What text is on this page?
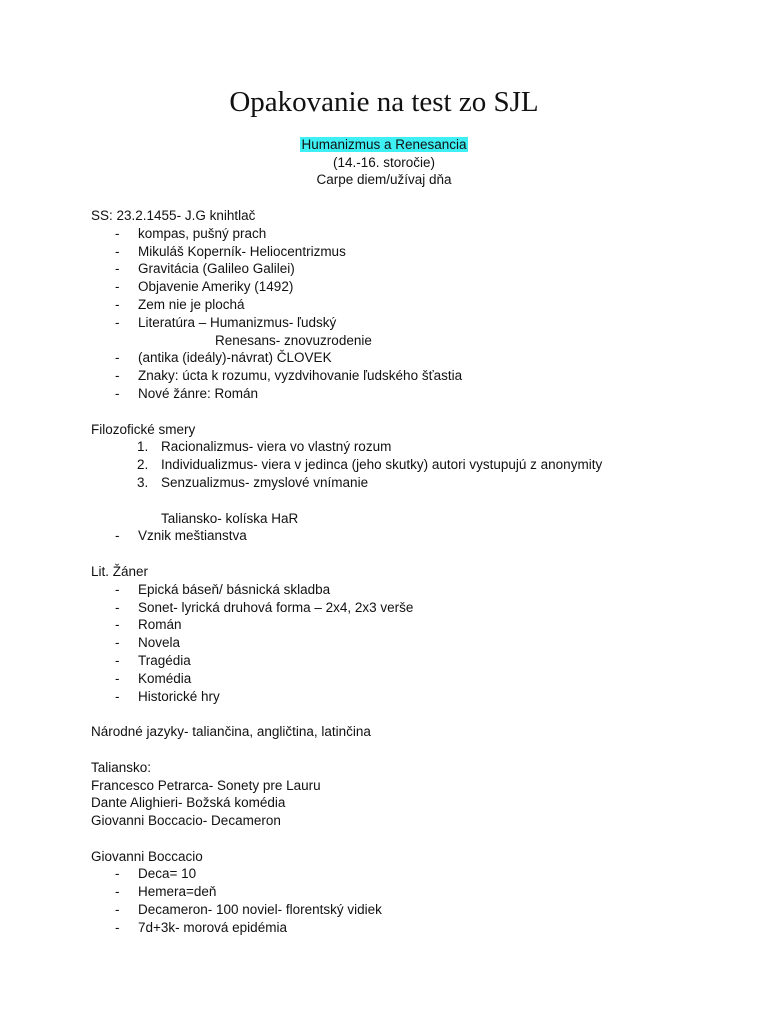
Opakovanie na test zo SJL
Humanizmus a Renesancia
(14.-16. storočie)
Carpe diem/užívaj dňa
SS: 23.2.1455- J.G knihtlač
-	kompas, pušný prach
-	Mikuláš Koperník- Heliocentrizmus
-	Gravitácia (Galileo Galilei)
-	Objavenie Ameriky (1492)
-	Zem nie je plochá
-	Literatúra – Humanizmus- ľudský
Renesans- znovuzrodenie
-	(antika (ideály)-návrat) ČLOVEK
-	Znaky: úcta k rozumu, vyzdvihovanie ľudského šťastia
-	Nové žánre: Román
Filozofické smery
1. Racionalizmus- viera vo vlastný rozum
2. Individualizmus- viera v jedinca (jeho skutky) autori vystupujú z anonymity
3. Senzualizmus- zmyslové vnímanie
Taliansko- kolíska HaR
-	Vznik meštianstva
Lit. Žáner
-	Epická báseň/ básnická skladba
-	Sonet- lyrická druhová forma – 2x4, 2x3 verše
-	Román
-	Novela
-	Tragédia
-	Komédia
-	Historické hry
Národné jazyky- taliančina, angličtina, latinčina
Taliansko:
Francesco Petrarca- Sonety pre Lauru
Dante Alighieri- Božská komédia
Giovanni Boccacio- Decameron
Giovanni Boccacio
-	Deca= 10
-	Hemera=deň
-	Decameron- 100 noviel- florentský vidiek
-	7d+3k- morová epidémia
